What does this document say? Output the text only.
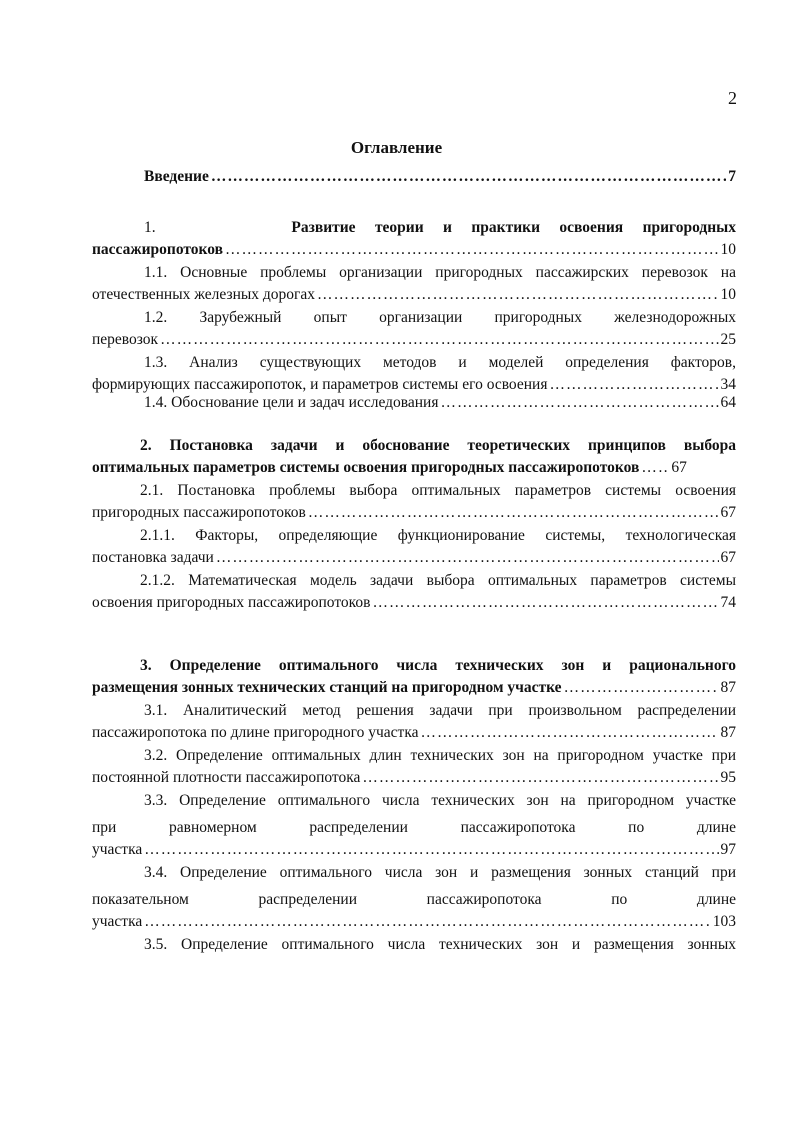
2
Оглавление
Введение ……………………………………………………………………………………………………………………………………………………………………	7
1.	Развитие теории и практики освоения пригородных
пассажиропотоков ……………………………………………………………………………………………………………………………………………………………………	10
1.1. Основные проблемы организации пригородных пассажирских перевозок на
отечественных железных дорогах ……………………………………………………………………………………………………………………………………………………………………	10
1.2. Зарубежный опыт организации пригородных железнодорожных
перевозок ……………………………………………………………………………………………………………………………………………………………………	25
1.3. Анализ существующих методов и моделей определения факторов,
формирующих пассажиропоток, и параметров системы его освоения ……………………………………………………………………………………………………………………………………………………………………	34
1.4. Обоснование цели и задач исследования ……………………………………………………………………………………………………………………………………………………………………	64
2. Постановка задачи и обоснование теоретических принципов выбора
оптимальных параметров системы освоения пригородных пассажиропотоков …………………………………………………………………………………………………………………………………………………………………… 67
2.1. Постановка проблемы выбора оптимальных параметров системы освоения
пригородных пассажиропотоков ……………………………………………………………………………………………………………………………………………………………………	67
2.1.1. Факторы, определяющие функционирование системы, технологическая
постановка задачи ……………………………………………………………………………………………………………………………………………………………………	67
2.1.2. Математическая модель задачи выбора оптимальных параметров системы
освоения пригородных пассажиропотоков ……………………………………………………………………………………………………………………………………………………………………	74
3. Определение оптимального числа технических зон и рационального
размещения зонных технических станций на пригородном участке ……………………………………………………………………………………………………………………………………………………………………	87
3.1. Аналитический метод решения задачи при произвольном распределении
пассажиропотока по длине пригородного участка ……………………………………………………………………………………………………………………………………………………………………	87
3.2. Определение оптимальных длин технических зон на пригородном участке при
постоянной плотности пассажиропотока ……………………………………………………………………………………………………………………………………………………………………	95
3.3. Определение оптимального числа технических зон на пригородном участке
при равномерном распределении пассажиропотока по длине
участка ……………………………………………………………………………………………………………………………………………………………………	97
3.4. Определение оптимального числа зон и размещения зонных станций при
показательном распределении пассажиропотока по длине
участка ……………………………………………………………………………………………………………………………………………………………………	103
3.5. Определение оптимального числа технических зон и размещения зонных
